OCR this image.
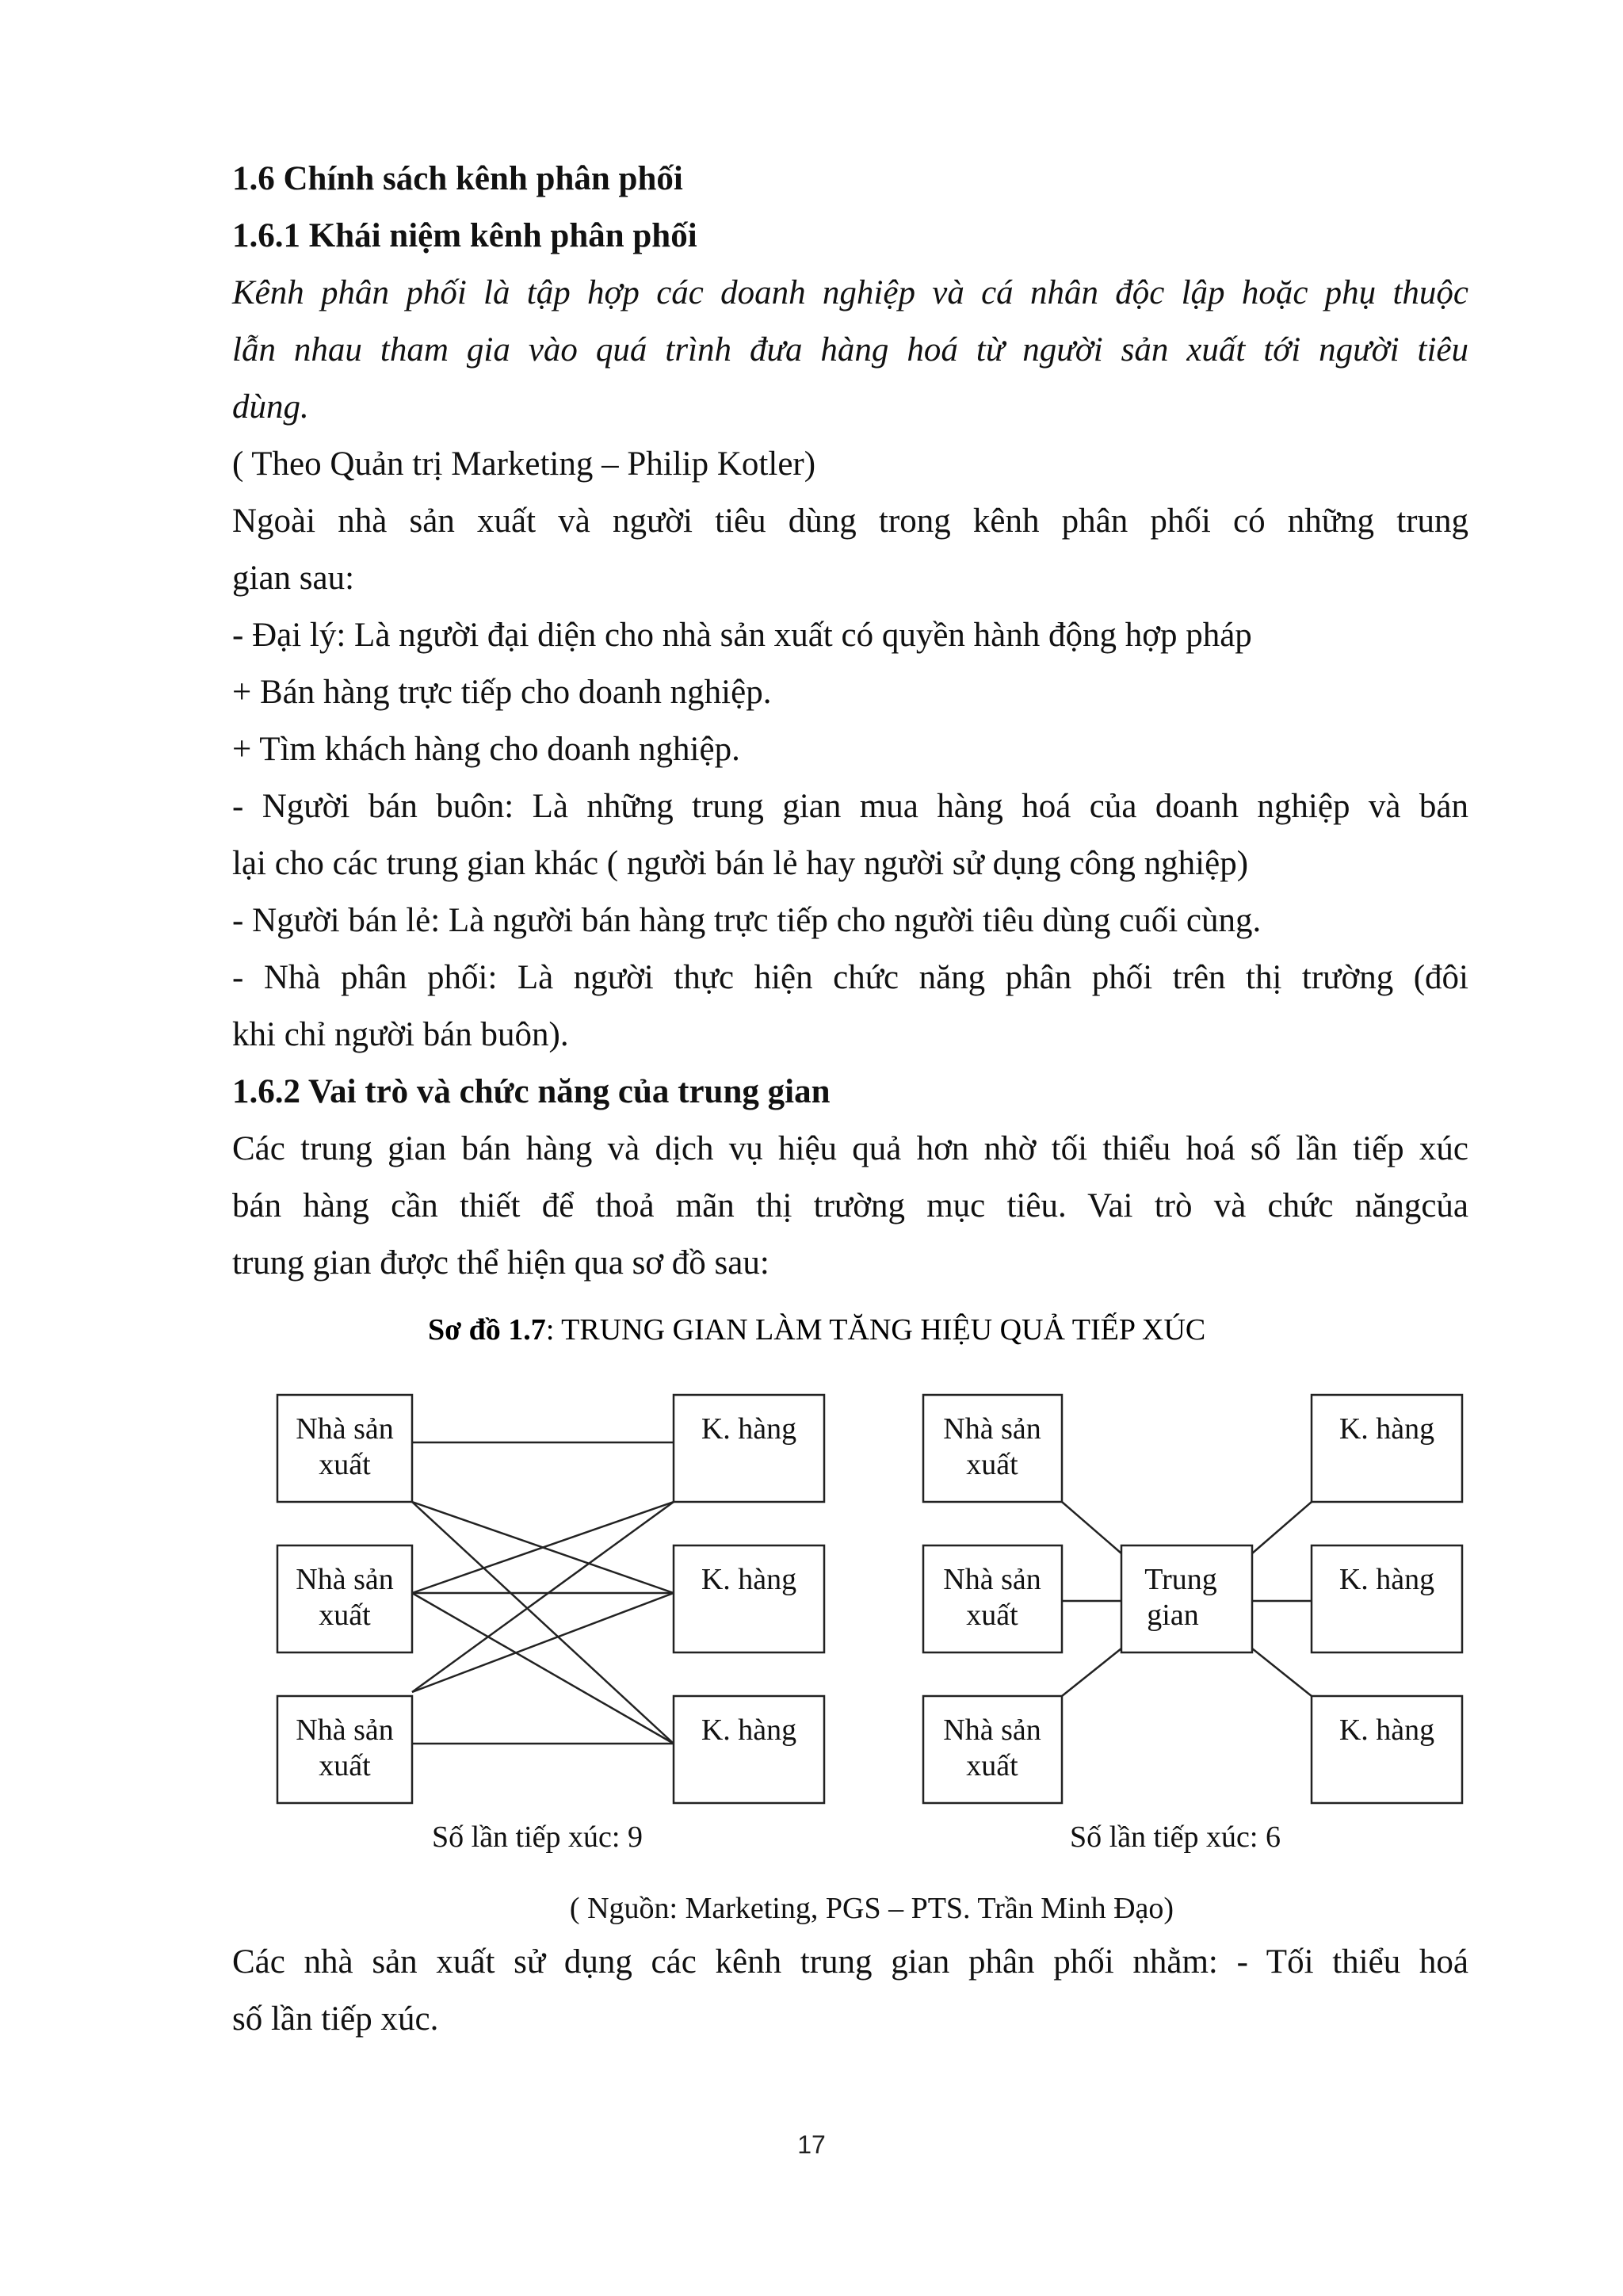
1.6 Chính sách kênh phân phối
1.6.1 Khái niệm kênh phân phối
Kênh phân phối là tập hợp các doanh nghiệp và cá nhân độc lập hoặc phụ thuộc
lẫn nhau tham gia vào quá trình đưa hàng hoá từ người sản xuất tới người tiêu
dùng.
( Theo Quản trị Marketing – Philip Kotler)
Ngoài nhà sản xuất và người tiêu dùng trong kênh phân phối có những trung
gian sau:
- Đại lý: Là người đại diện cho nhà sản xuất có quyền hành động hợp pháp
+ Bán hàng trực tiếp cho doanh nghiệp.
+ Tìm khách hàng cho doanh nghiệp.
- Người bán buôn: Là những trung gian mua hàng hoá của doanh nghiệp và bán
lại cho các trung gian khác ( người bán lẻ hay người sử dụng công nghiệp)
- Người bán lẻ: Là người bán hàng trực tiếp cho người tiêu dùng cuối cùng.
- Nhà phân phối: Là người thực hiện chức năng phân phối trên thị trường (đôi
khi chỉ người bán buôn).
1.6.2 Vai trò và chức năng của trung gian
Các trung gian bán hàng và dịch vụ hiệu quả hơn nhờ tối thiểu hoá số lần tiếp xúc
bán hàng cần thiết để thoả mãn thị trường mục tiêu. Vai trò và chức năngcủa
trung gian được thể hiện qua sơ đồ sau:
Sơ đồ 1.7: TRUNG GIAN LÀM TĂNG HIỆU QUẢ TIẾP XÚC
Nhà sản
xuất
Nhà sản
xuất
Nhà sản
xuất
K. hàng
K. hàng
K. hàng
Số lần tiếp xúc: 9
Nhà sản
xuất
Nhà sản
xuất
Nhà sản
xuất
Trung
gian
K. hàng
K. hàng
K. hàng
Số lần tiếp xúc: 6
( Nguồn: Marketing, PGS – PTS. Trần Minh Đạo)
Các nhà sản xuất sử dụng các kênh trung gian phân phối nhằm: - Tối thiểu hoá
số lần tiếp xúc.
17
